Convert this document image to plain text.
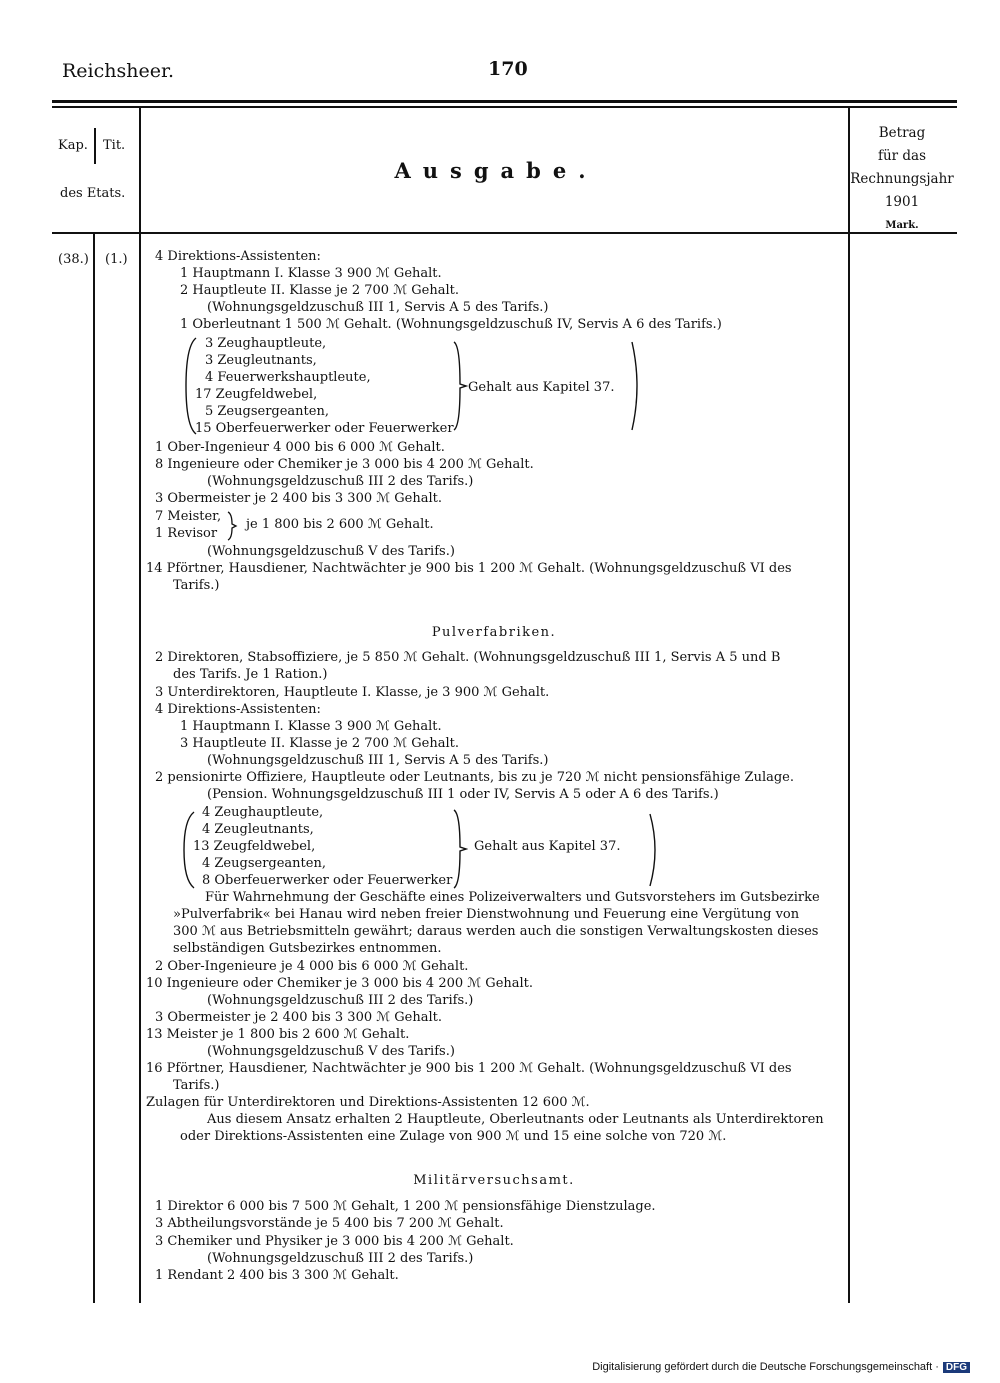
Reichsheer.	170
Kap. Tit.
des Etats.
Ausgabe.
Betrag
für das
Rechnungsjahr
1901
Mark.
(38.) (1.) 4 Direktions-Assistenten:
1 Hauptmann I. Klasse 3 900 ℳ Gehalt.
2 Hauptleute II. Klasse je 2 700 ℳ Gehalt.
(Wohnungsgeldzuschuß III 1, Servis A 5 des Tarifs.)
1 Oberleutnant 1 500 ℳ Gehalt. (Wohnungsgeldzuschuß IV, Servis A 6 des Tarifs.)
3 Zeughauptleute,
3 Zeugleutnants,
4 Feuerwerkshauptleute,
17 Zeugfeldwebel,
5 Zeugsergeanten,
15 Oberfeuerwerker oder Feuerwerker
Gehalt aus Kapitel 37.
1 Ober-Ingenieur 4 000 bis 6 000 ℳ Gehalt.
8 Ingenieure oder Chemiker je 3 000 bis 4 200 ℳ Gehalt.
(Wohnungsgeldzuschuß III 2 des Tarifs.)
3 Obermeister je 2 400 bis 3 300 ℳ Gehalt.
7 Meister,
1 Revisor
je 1 800 bis 2 600 ℳ Gehalt.
(Wohnungsgeldzuschuß V des Tarifs.)
14 Pförtner, Hausdiener, Nachtwächter je 900 bis 1 200 ℳ Gehalt. (Wohnungsgeldzuschuß VI des
Tarifs.)
Pulverfabriken.
2 Direktoren, Stabsoffiziere, je 5 850 ℳ Gehalt. (Wohnungsgeldzuschuß III 1, Servis A 5 und B
des Tarifs. Je 1 Ration.)
3 Unterdirektoren, Hauptleute I. Klasse, je 3 900 ℳ Gehalt.
4 Direktions-Assistenten:
1 Hauptmann I. Klasse 3 900 ℳ Gehalt.
3 Hauptleute II. Klasse je 2 700 ℳ Gehalt.
(Wohnungsgeldzuschuß III 1, Servis A 5 des Tarifs.)
2 pensionirte Offiziere, Hauptleute oder Leutnants, bis zu je 720 ℳ nicht pensionsfähige Zulage.
(Pension. Wohnungsgeldzuschuß III 1 oder IV, Servis A 5 oder A 6 des Tarifs.)
4 Zeughauptleute,
4 Zeugleutnants,
13 Zeugfeldwebel,
4 Zeugsergeanten,
8 Oberfeuerwerker oder Feuerwerker
Gehalt aus Kapitel 37.
Für Wahrnehmung der Geschäfte eines Polizeiverwalters und Gutsvorstehers im Gutsbezirke
»Pulverfabrik« bei Hanau wird neben freier Dienstwohnung und Feuerung eine Vergütung von
300 ℳ aus Betriebsmitteln gewährt; daraus werden auch die sonstigen Verwaltungskosten dieses
selbständigen Gutsbezirkes entnommen.
2 Ober-Ingenieure je 4 000 bis 6 000 ℳ Gehalt.
10 Ingenieure oder Chemiker je 3 000 bis 4 200 ℳ Gehalt.
(Wohnungsgeldzuschuß III 2 des Tarifs.)
3 Obermeister je 2 400 bis 3 300 ℳ Gehalt.
13 Meister je 1 800 bis 2 600 ℳ Gehalt.
(Wohnungsgeldzuschuß V des Tarifs.)
16 Pförtner, Hausdiener, Nachtwächter je 900 bis 1 200 ℳ Gehalt. (Wohnungsgeldzuschuß VI des
Tarifs.)
Zulagen für Unterdirektoren und Direktions-Assistenten 12 600 ℳ.
Aus diesem Ansatz erhalten 2 Hauptleute, Oberleutnants oder Leutnants als Unterdirektoren
oder Direktions-Assistenten eine Zulage von 900 ℳ und 15 eine solche von 720 ℳ.
Militärversuchsamt.
1 Direktor 6 000 bis 7 500 ℳ Gehalt, 1 200 ℳ pensionsfähige Dienstzulage.
3 Abtheilungsvorstände je 5 400 bis 7 200 ℳ Gehalt.
3 Chemiker und Physiker je 3 000 bis 4 200 ℳ Gehalt.
(Wohnungsgeldzuschuß III 2 des Tarifs.)
1 Rendant 2 400 bis 3 300 ℳ Gehalt.
Digitalisierung gefördert durch die Deutsche Forschungsgemeinschaft · DFG
